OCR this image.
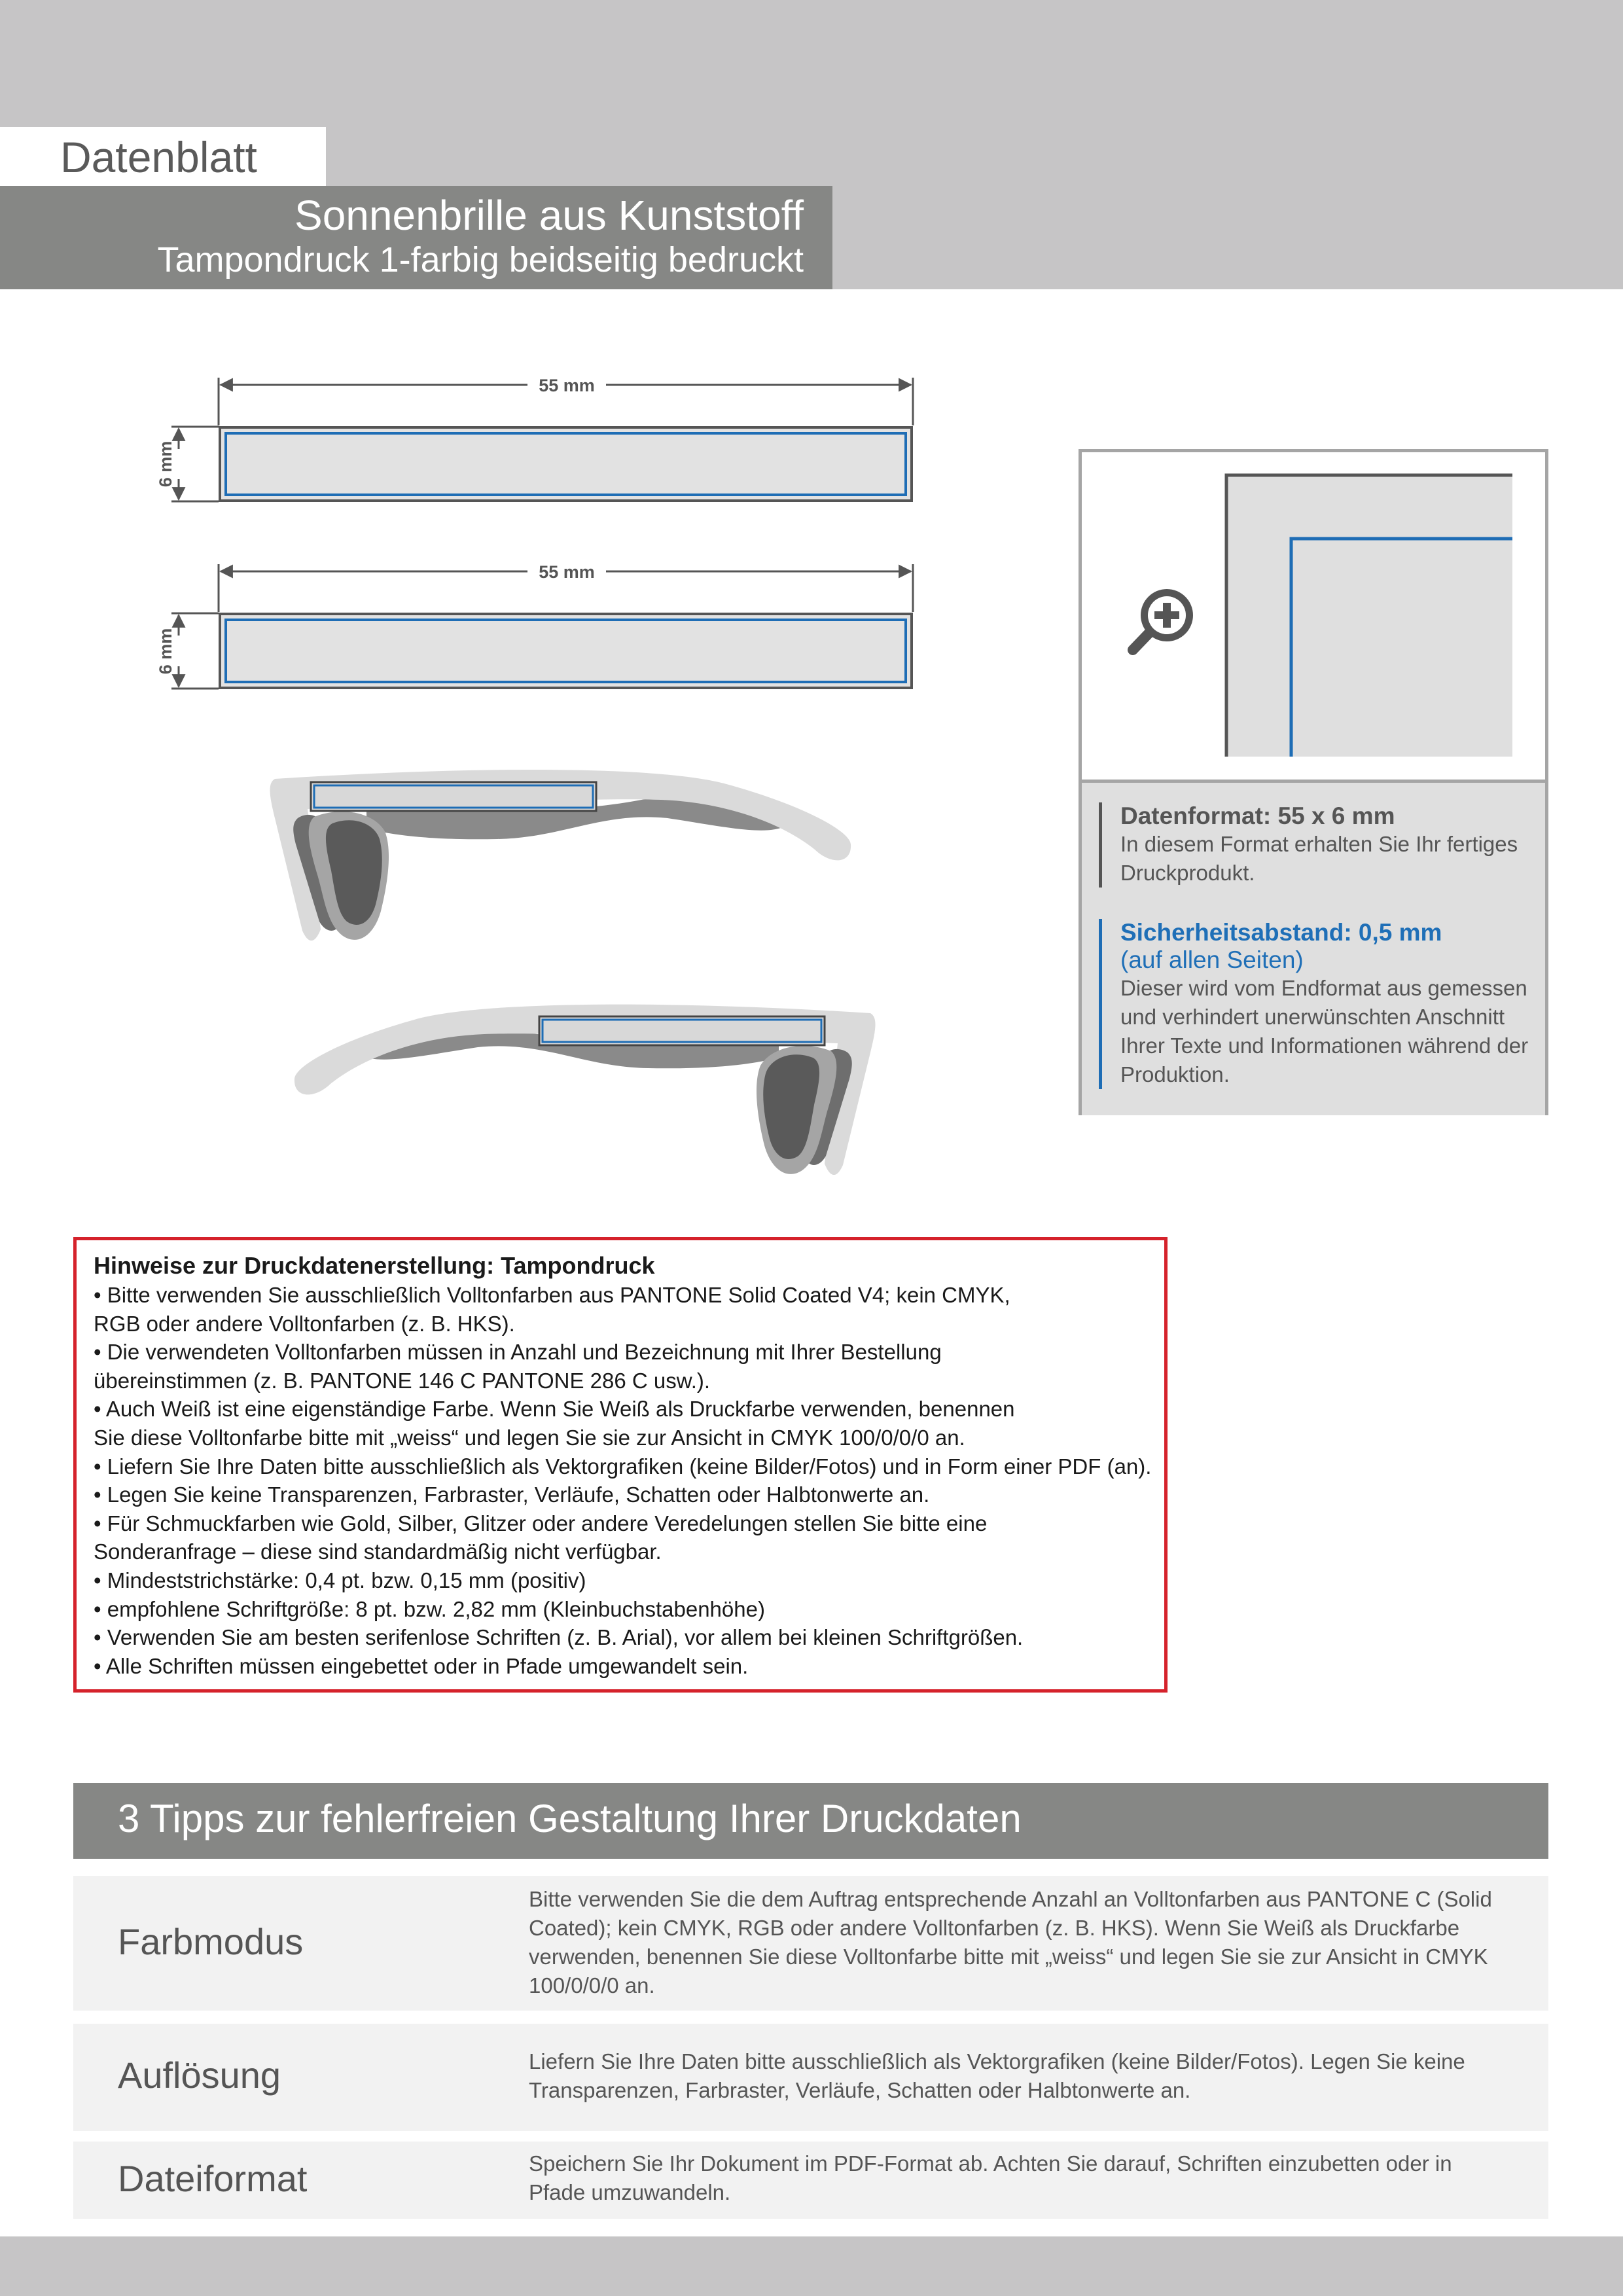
Datenblatt
Sonnenbrille aus Kunststoff
Tampondruck 1-farbig beidseitig bedruckt
55 mm
6 mm
55 mm
6 mm
Datenformat: 55 x 6 mm
In diesem Format erhalten Sie Ihr fertiges Druckprodukt.
Sicherheitsabstand: 0,5 mm
(auf allen Seiten)
Dieser wird vom Endformat aus gemessen und verhindert unerwünschten Anschnitt Ihrer Texte und Informationen während der Produktion.
Hinweise zur Druckdatenerstellung: Tampondruck
• Bitte verwenden Sie ausschließlich Volltonfarben aus PANTONE Solid Coated V4; kein CMYK,
RGB oder andere Volltonfarben (z. B. HKS).
• Die verwendeten Volltonfarben müssen in Anzahl und Bezeichnung mit Ihrer Bestellung
übereinstimmen (z. B. PANTONE 146 C PANTONE 286 C usw.).
• Auch Weiß ist eine eigenständige Farbe. Wenn Sie Weiß als Druckfarbe verwenden, benennen
Sie diese Volltonfarbe bitte mit „weiss“ und legen Sie sie zur Ansicht in CMYK 100/0/0/0 an.
• Liefern Sie Ihre Daten bitte ausschließlich als Vektorgrafiken (keine Bilder/Fotos) und in Form einer PDF (an).
• Legen Sie keine Transparenzen, Farbraster, Verläufe, Schatten oder Halbtonwerte an.
• Für Schmuckfarben wie Gold, Silber, Glitzer oder andere Veredelungen stellen Sie bitte eine
Sonderanfrage – diese sind standardmäßig nicht verfügbar.
• Mindeststrichstärke: 0,4 pt. bzw. 0,15 mm (positiv)
• empfohlene Schriftgröße: 8 pt. bzw. 2,82 mm (Kleinbuchstabenhöhe)
• Verwenden Sie am besten serifenlose Schriften (z. B. Arial), vor allem bei kleinen Schriftgrößen.
• Alle Schriften müssen eingebettet oder in Pfade umgewandelt sein.
3 Tipps zur fehlerfreien Gestaltung Ihrer Druckdaten
Farbmodus
Bitte verwenden Sie die dem Auftrag entsprechende Anzahl an Volltonfarben aus PANTONE C (Solid Coated); kein CMYK, RGB oder andere Volltonfarben (z. B. HKS). Wenn Sie Weiß als Druckfarbe verwenden, benennen Sie diese Volltonfarbe bitte mit „weiss“ und legen Sie sie zur Ansicht in CMYK 100/0/0/0 an.
Auflösung	Liefern Sie Ihre Daten bitte ausschließlich als Vektorgrafiken (keine Bilder/Fotos). Legen Sie keine Transparenzen, Farbraster, Verläufe, Schatten oder Halbtonwerte an.
Dateiformat	Speichern Sie Ihr Dokument im PDF-Format ab. Achten Sie darauf, Schriften einzubetten oder in Pfade umzuwandeln.
